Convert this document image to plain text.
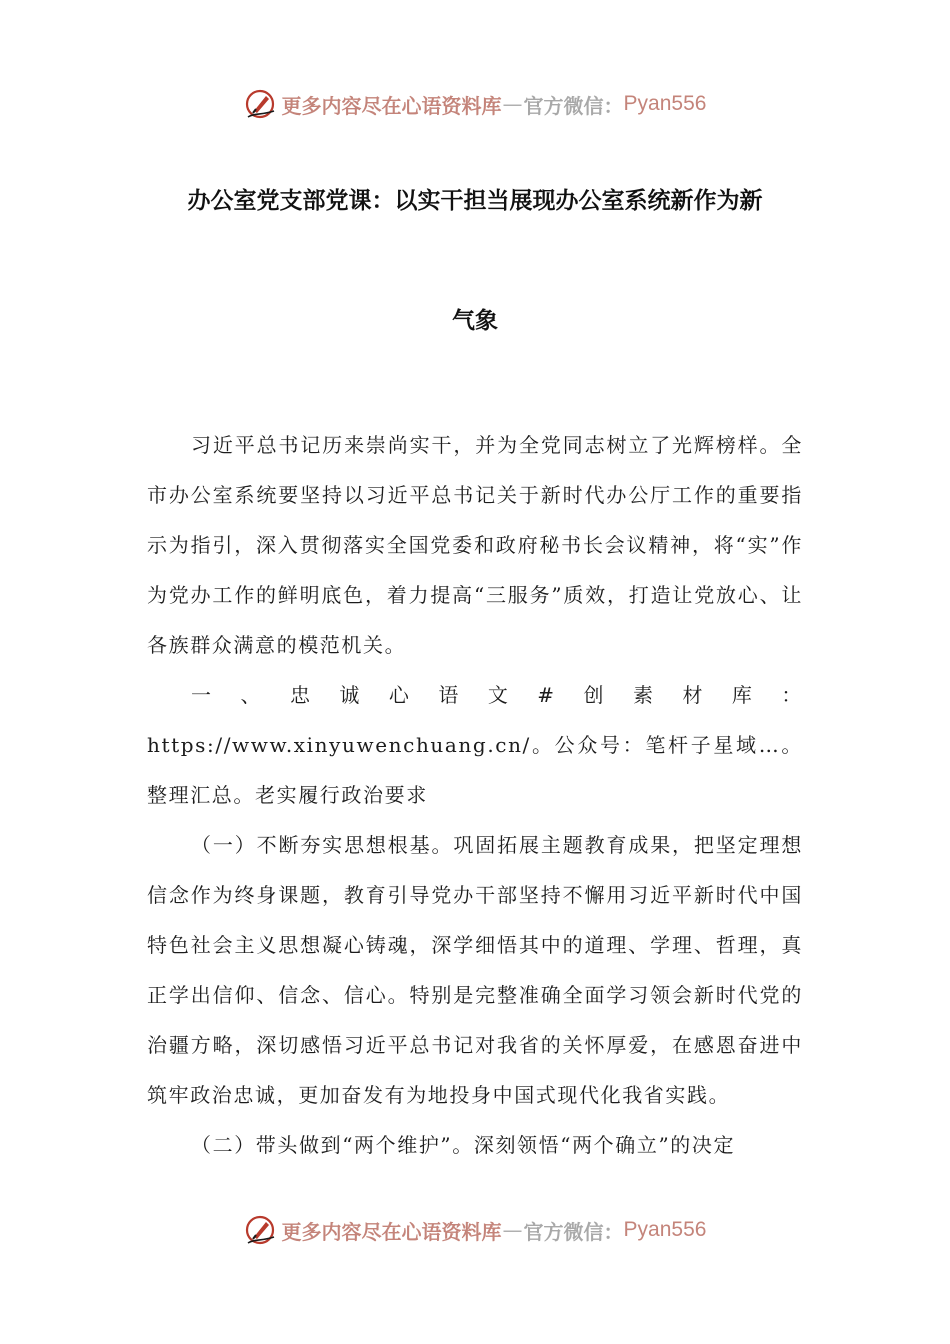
更多内容尽在心语资料库 — 官方微信： Pyan556
办公室党支部党课：以实干担当展现办公室系统新作为新
气象

习近平总书记历来崇尚实干，并为全党同志树立了光辉榜样。全市办公室系统要坚持以习近平总书记关于新时代办公厅工作的重要指示为指引，深入贯彻落实全国党委和政府秘书长会议精神，将“实”作为党办工作的鲜明底色，着力提高“三服务”质效，打造让党放心、让各族群众满意的模范机关。

一、忠诚心语文#创素材库：https://www.xinyuwenchuang.cn/。公众号：笔杆子星域…。整理汇总。老实履行政治要求

（一）不断夯实思想根基。巩固拓展主题教育成果，把坚定理想信念作为终身课题，教育引导党办干部坚持不懈用习近平新时代中国特色社会主义思想凝心铸魂，深学细悟其中的道理、学理、哲理，真正学出信仰、信念、信心。特别是完整准确全面学习领会新时代党的治疆方略，深切感悟习近平总书记对我省的关怀厚爱，在感恩奋进中筑牢政治忠诚，更加奋发有为地投身中国式现代化我省实践。

（二）带头做到“两个维护”。深刻领悟“两个确立”的决定

更多内容尽在心语资料库 — 官方微信： Pyan556
